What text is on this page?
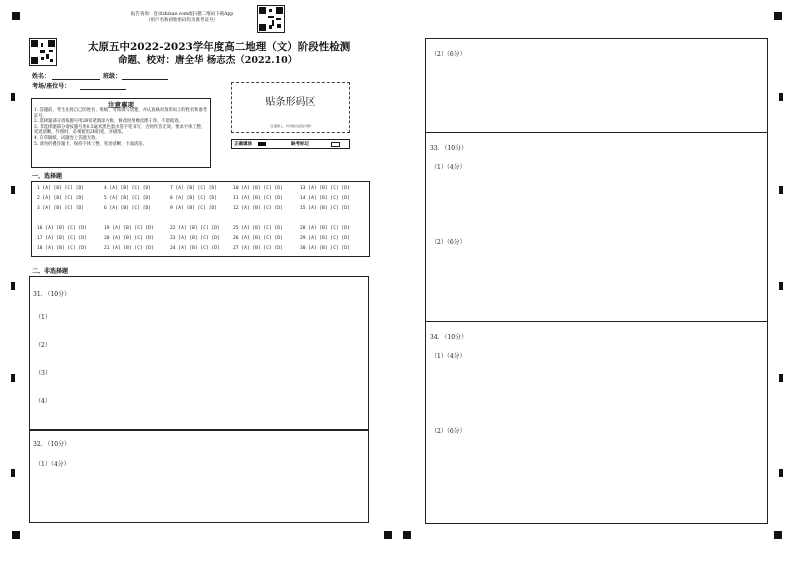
报告查询：登录zhixue.com或扫描二维码下载App
（用户名和初始密码均为准考证号）
太原五中2022-2023学年度高二地理（文）阶段性检测
命题、校对：唐全华 杨志杰（2022.10）
姓名：	班级：
考场/座位号：
贴条形码区
（正面朝上，切勿贴出虚线方框）
注意事项
1. 答题前，考生先将自己的姓名、班级、考场填写清楚，并认真核对条形码上的姓名和准考证号。
2. 选择题部分请按题号用2B铅笔填涂方框，修改时用橡皮擦干净，不留痕迹。
3. 非选择题部分请按题号用0.5毫米黑色墨水签字笔书写，否则作答无效。要求字体工整、笔迹清晰。作图时，必须使用2B铅笔，并描浓。
4. 在草稿纸、试题卷上答题无效。
5. 请勿折叠答题卡，保持字体工整、笔迹清晰、卡面清洁。	正确填涂	缺考标记
一、选择题
1 [A] [B] [C] [D]	4 [A] [B] [C] [D]	7 [A] [B] [C] [D]	10 [A] [B] [C] [D]	13 [A] [B] [C] [D]
2 [A] [B] [C] [D]	5 [A] [B] [C] [D]	8 [A] [B] [C] [D]	11 [A] [B] [C] [D]	14 [A] [B] [C] [D]
3 [A] [B] [C] [D]	6 [A] [B] [C] [D]	9 [A] [B] [C] [D]	12 [A] [B] [C] [D]	15 [A] [B] [C] [D]
16 [A] [B] [C] [D]	19 [A] [B] [C] [D]	22 [A] [B] [C] [D]	25 [A] [B] [C] [D]	28 [A] [B] [C] [D]
17 [A] [B] [C] [D]	20 [A] [B] [C] [D]	23 [A] [B] [C] [D]	26 [A] [B] [C] [D]	29 [A] [B] [C] [D]
18 [A] [B] [C] [D]	21 [A] [B] [C] [D]	24 [A] [B] [C] [D]	27 [A] [B] [C] [D]	30 [A] [B] [C] [D]
二、非选择题
31. （10分）
（1）
（2）
（3）
（4）
32. （10分）
（1）（4分）
（2）（6分）
33. （10分）
（1）（4分）
（2）（6分）
34. （10分）
（1）（4分）
（2）（6分）
